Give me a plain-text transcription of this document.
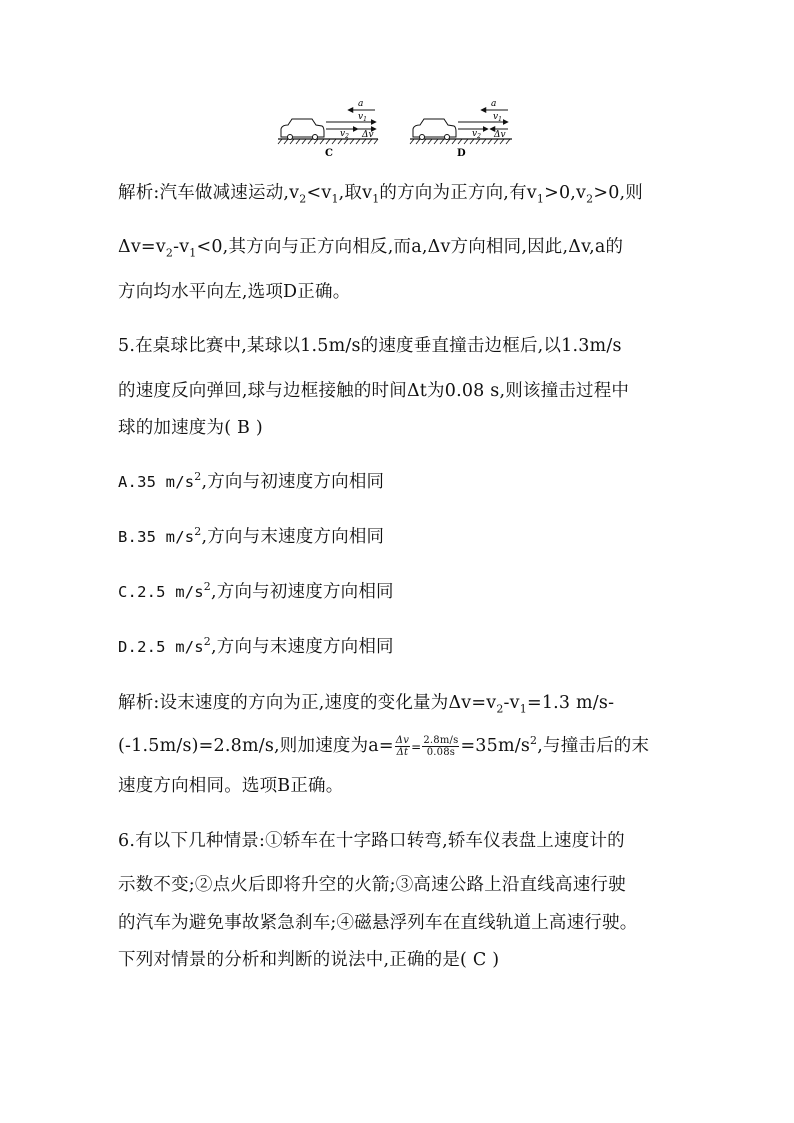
a
$v_1$
$v_2$ Δv
C
a
$v_1$
$v_2$ Δv
D
解析:汽车做减速运动$,v_2<v_1$,取$v_1$的方向为正方向,有$v_1>0,v_2>0$,则
$\Delta v=v_2-v_1<0$,其方向与正方向相反,而a,Δv方向相同,因此,Δv,a的
方向均水平向左,选项D正确。
5.在桌球比赛中,某球以1.5m/s的速度垂直撞击边框后,以1.3m/s
的速度反向弹回,球与边框接触的时间Δt为0.08 s,则该撞击过程中
球的加速度为( B )
A.35 $m/s^2$,方向与初速度方向相同
B.35 $m/s^2$,方向与末速度方向相同
C.2.5 $m/s^2$,方向与初速度方向相同
D.2.5 $m/s^2$,方向与末速度方向相同
解析:设末速度的方向为正,速度的变化量为$\Delta v=v_2-v_1=1.3$ m/s-
(-1.5m/s)=2.8m/s,则加速度为$a= \frac{\Delta v}{\Delta t} = \frac{2.8m/s}{0.08s} =35m/s^2$,与撞击后的末
速度方向相同。选项B正确。
6.有以下几种情景:①轿车在十字路口转弯,轿车仪表盘上速度计的
示数不变;②点火后即将升空的火箭;③高速公路上沿直线高速行驶
的汽车为避免事故紧急刹车;④磁悬浮列车在直线轨道上高速行驶。
下列对情景的分析和判断的说法中,正确的是( C )
